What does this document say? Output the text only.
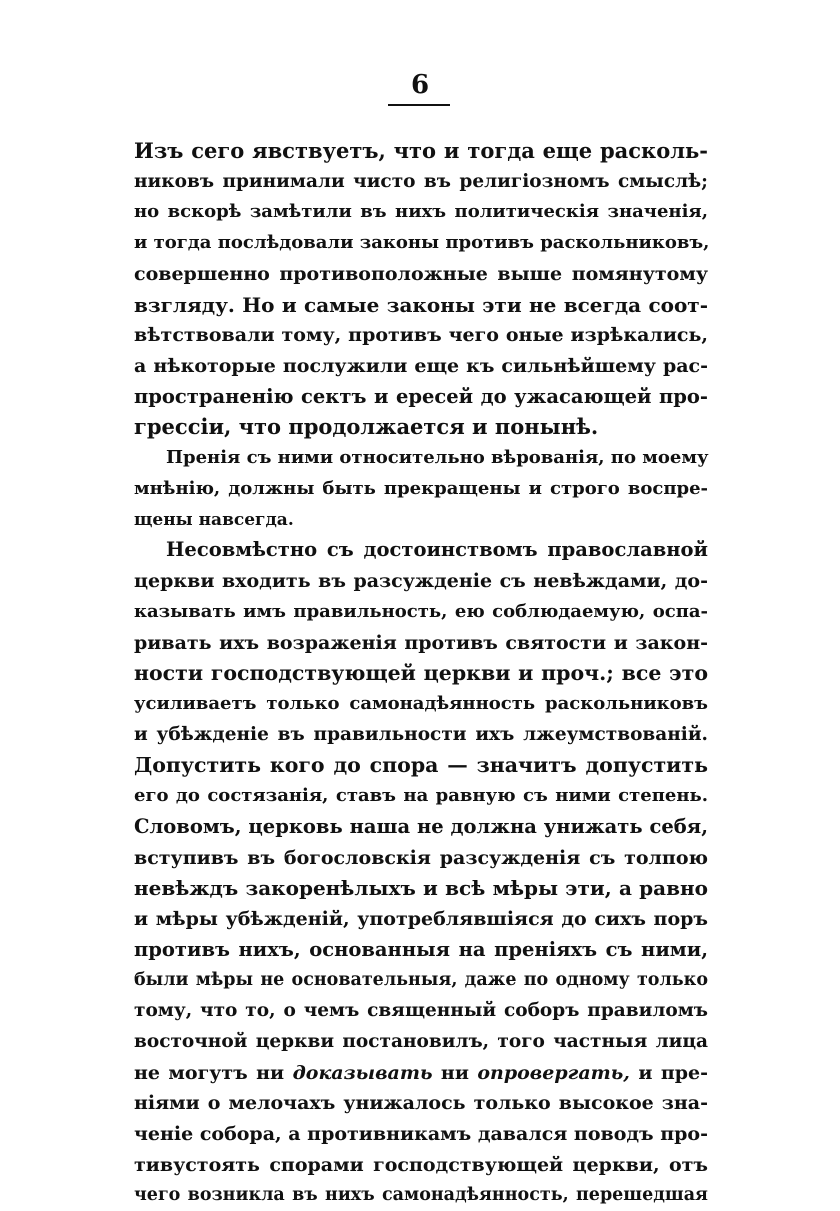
6
Изъ сего явствуетъ, что и тогда еще расколь-
никовъ принимали чисто въ религіозномъ смыслѣ;
но вскорѣ замѣтили въ нихъ политическія значенія,
и тогда послѣдовали законы противъ раскольниковъ,
совершенно противоположные выше помянутому
взгляду. Но и самые законы эти не всегда соот-
вѣтствовали тому, противъ чего оные изрѣкались,
а нѣкоторые послужили еще къ сильнѣйшему рас-
пространенію сектъ и ересей до ужасающей про-
грессіи, что продолжается и понынѣ.
Пренія съ ними относительно вѣрованія, по моему
мнѣнію, должны быть прекращены и строго воспре-
щены навсегда.
Несовмѣстно съ достоинствомъ православной
церкви входить въ разсужденіе съ невѣждами, до-
казывать имъ правильность, ею соблюдаемую, оспа-
ривать ихъ возраженія противъ святости и закон-
ности господствующей церкви и проч.; все это
усиливаетъ только самонадѣянность раскольниковъ
и убѣжденіе въ правильности ихъ лжеумствованій.
Допустить кого до спора — значитъ допустить
его до состязанія, ставъ на равную съ ними степень.
Словомъ, церковь наша не должна унижать себя,
вступивъ въ богословскія разсужденія съ толпою
невѣждъ закоренѣлыхъ и всѣ мѣры эти, а равно
и мѣры убѣжденій, употреблявшіяся до сихъ поръ
противъ нихъ, основанныя на преніяхъ съ ними,
были мѣры не основательныя, даже по одному только
тому, что то, о чемъ священный соборъ правиломъ
восточной церкви постановилъ, того частныя лица
не могутъ ни доказывать ни опровергать, и пре-
ніями о мелочахъ унижалось только высокое зна-
ченіе собора, а противникамъ давался поводъ про-
тивустоять спорами господствующей церкви, отъ
чего возникла въ нихъ самонадѣянность, перешедшая
